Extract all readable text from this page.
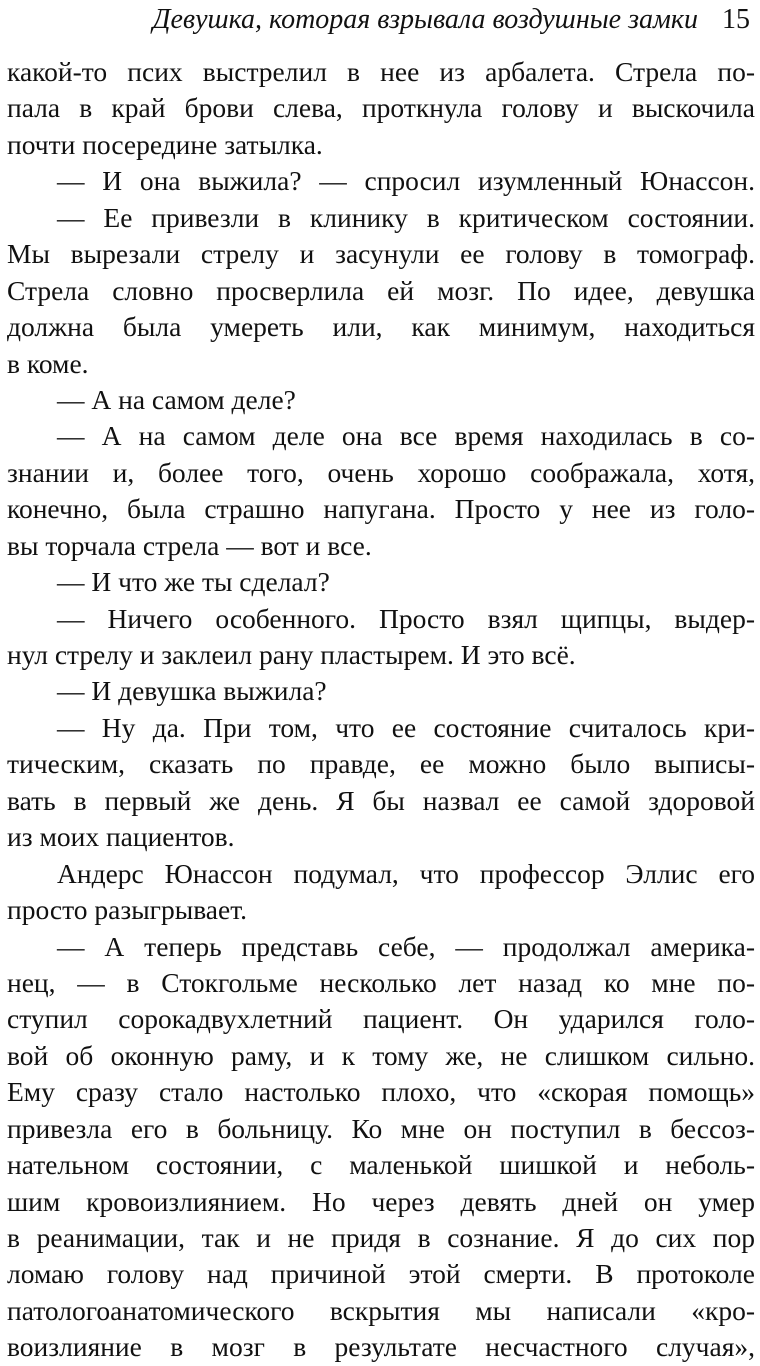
Девушка, которая взрывала воздушные замки 15
какой-то псих выстрелил в нее из арбалета. Стрела по-
пала в край брови слева, проткнула голову и выскочила
почти посередине затылка.
— И она выжила? — спросил изумленный Юнассон.
— Ее привезли в клинику в критическом состоянии.
Мы вырезали стрелу и засунули ее голову в томограф.
Стрела словно просверлила ей мозг. По идее, девушка
должна была умереть или, как минимум, находиться
в коме.
— А на самом деле?
— А на самом деле она все время находилась в со-
знании и, более того, очень хорошо соображала, хотя,
конечно, была страшно напугана. Просто у нее из голо-
вы торчала стрела — вот и все.
— И что же ты сделал?
— Ничего особенного. Просто взял щипцы, выдер-
нул стрелу и заклеил рану пластырем. И это всё.
— И девушка выжила?
— Ну да. При том, что ее состояние считалось кри-
тическим, сказать по правде, ее можно было выписы-
вать в первый же день. Я бы назвал ее самой здоровой
из моих пациентов.
Андерс Юнассон подумал, что профессор Эллис его
просто разыгрывает.
— А теперь представь себе, — продолжал америка-
нец, — в Стокгольме несколько лет назад ко мне по-
ступил сорокадвухлетний пациент. Он ударился голо-
вой об оконную раму, и к тому же, не слишком сильно.
Ему сразу стало настолько плохо, что «скорая помощь»
привезла его в больницу. Ко мне он поступил в бессоз-
нательном состоянии, с маленькой шишкой и неболь-
шим кровоизлиянием. Но через девять дней он умер
в реанимации, так и не придя в сознание. Я до сих пор
ломаю голову над причиной этой смерти. В протоколе
патологоанатомического вскрытия мы написали «кро-
воизлияние в мозг в результате несчастного случая»,
